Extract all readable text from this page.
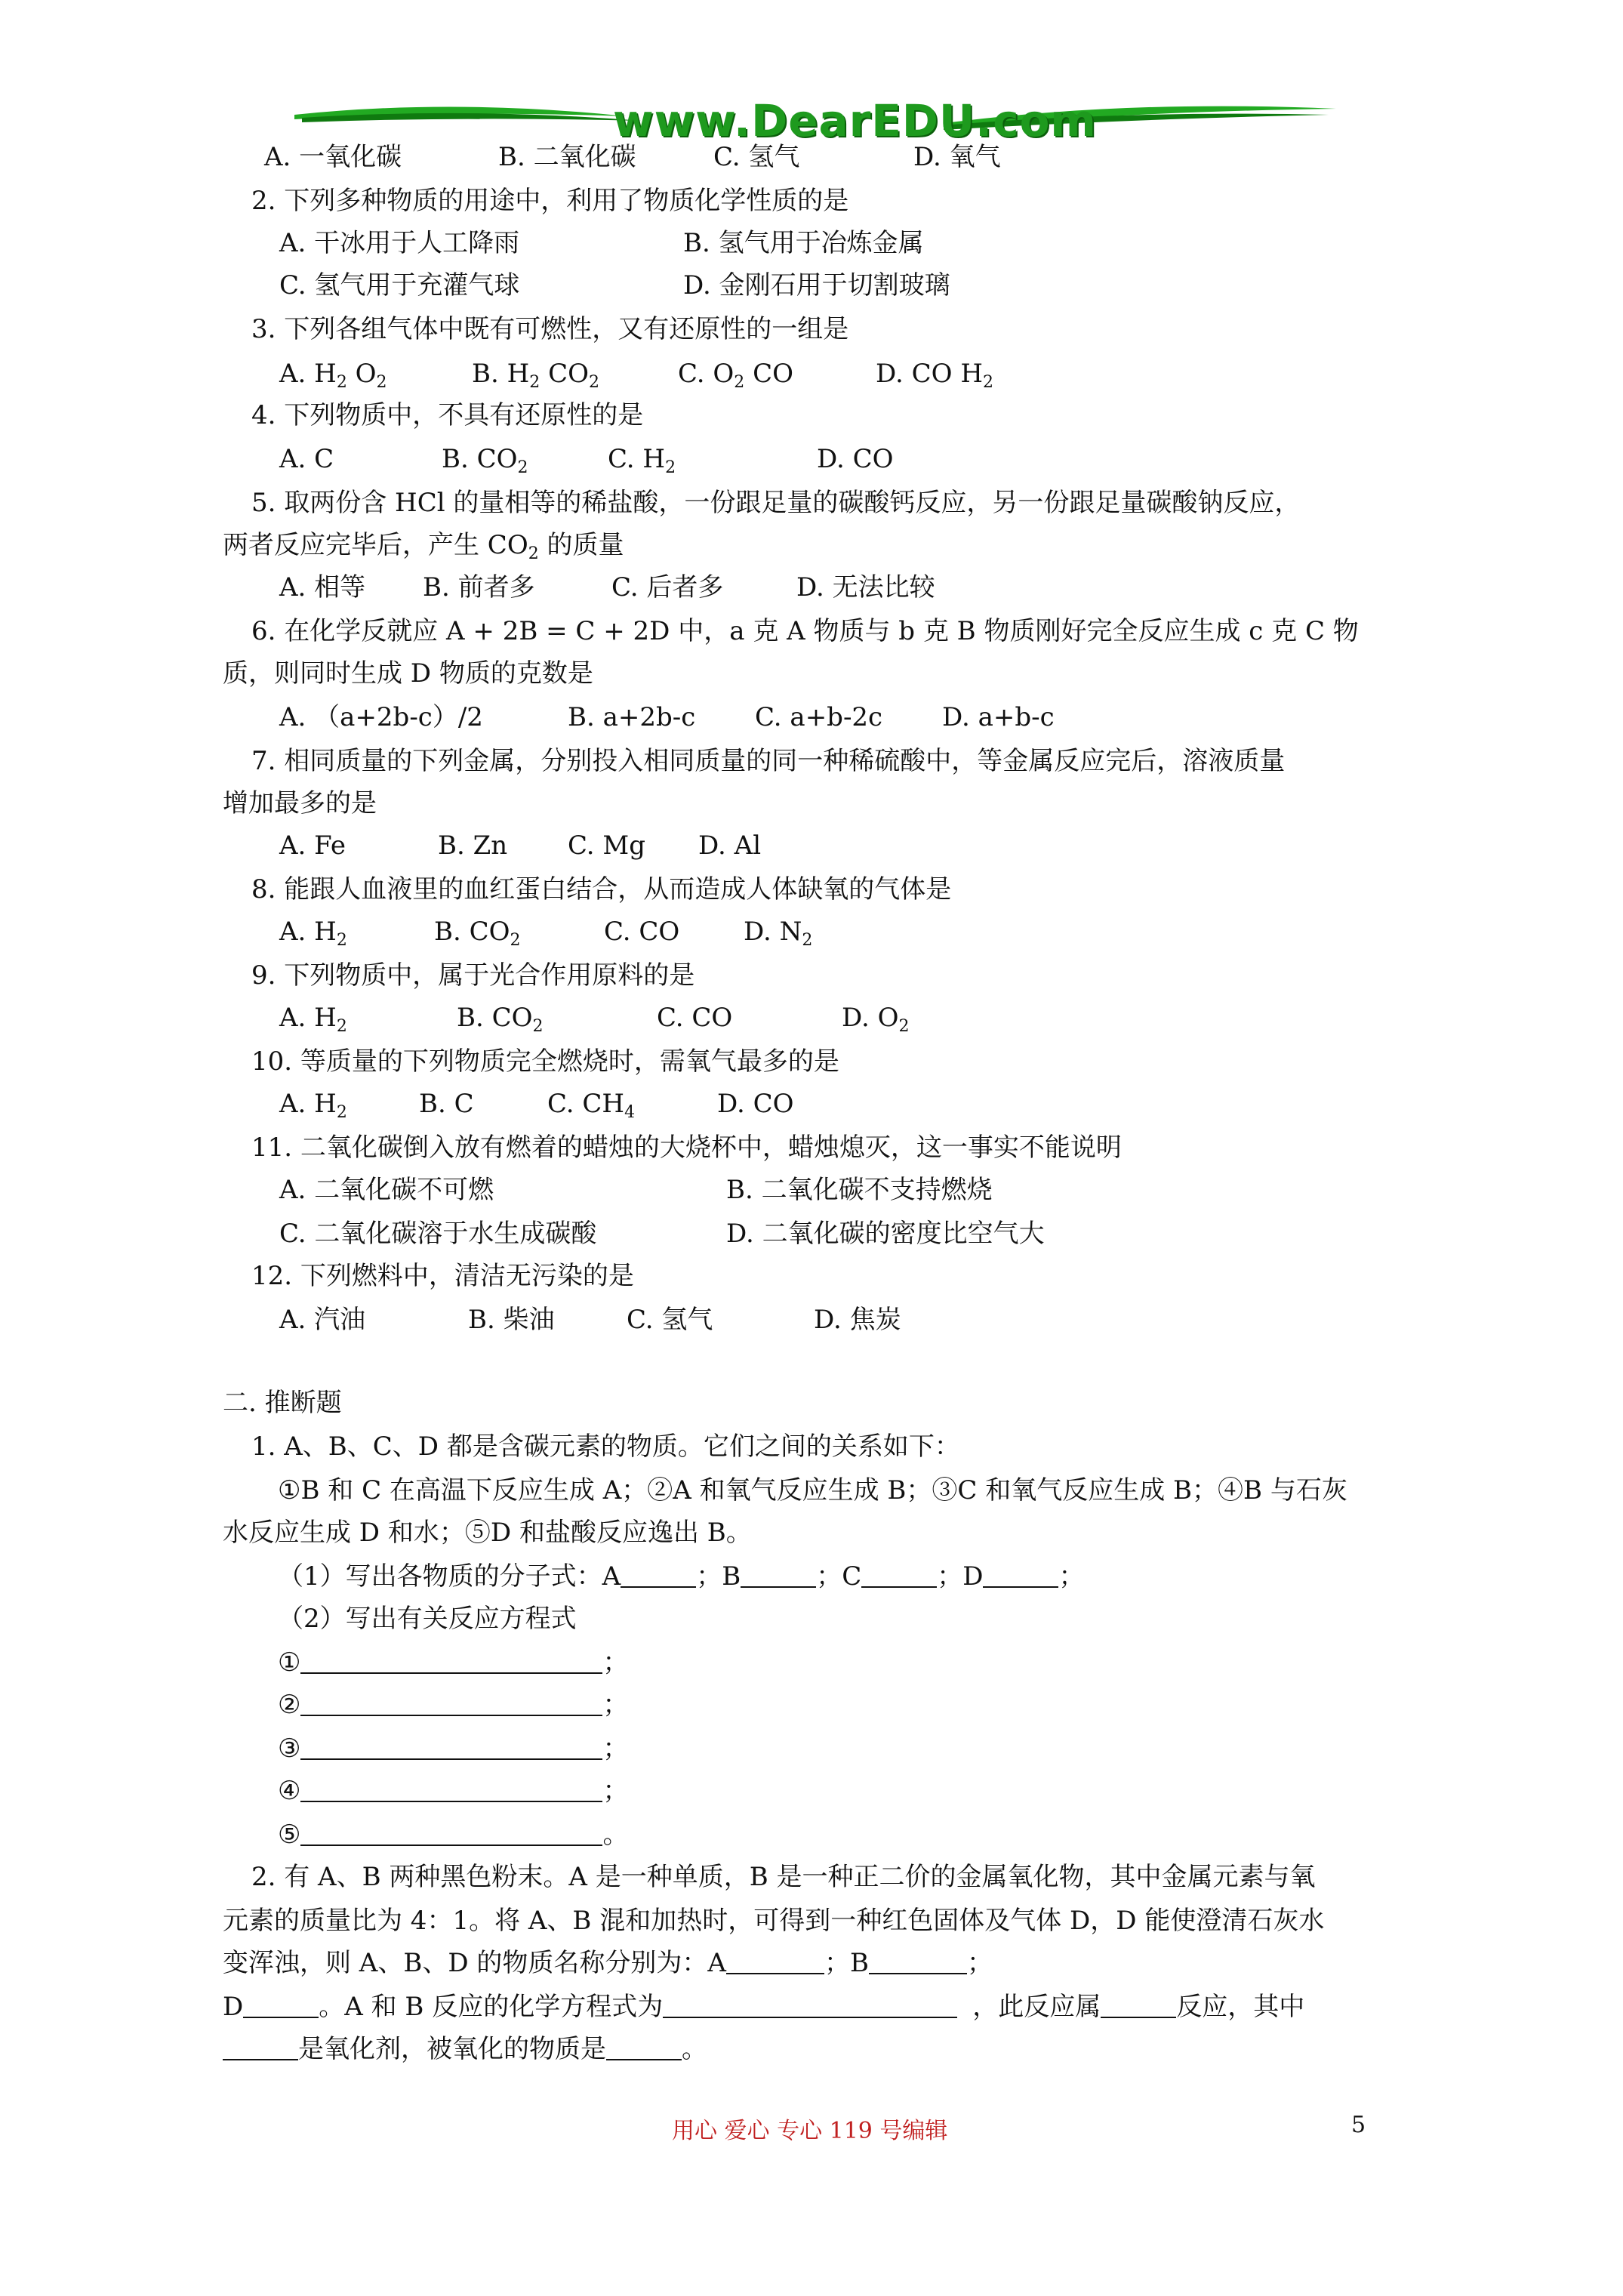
www.DearEDU.com
A. 一氧化碳	B. 二氧化碳	C. 氢气	D. 氧气
2. 下列多种物质的用途中，利用了物质化学性质的是
A. 干冰用于人工降雨	B. 氢气用于冶炼金属
C. 氢气用于充灌气球	D. 金刚石用于切割玻璃
3. 下列各组气体中既有可燃性，又有还原性的一组是
A. $H_2$ $O_2$	B. $H_2$ $CO_2$	C. $O_2$ CO	D. CO $H_2$
4. 下列物质中，不具有还原性的是
A. C	B. $CO_2$	C. $H_2$	D. CO
5. 取两份含 HCl 的量相等的稀盐酸，一份跟足量的碳酸钙反应，另一份跟足量碳酸钠反应，
两者反应完毕后，产生 $CO_2$ 的质量
A. 相等 B. 前者多	C. 后者多	D. 无法比较
6. 在化学反就应 A + 2B = C + 2D 中，a 克 A 物质与 b 克 B 物质刚好完全反应生成 c 克 C 物
质，则同时生成 D 物质的克数是
A. （a+2b-c）/2	B. a+2b-c C. a+b-2c D. a+b-c
7. 相同质量的下列金属，分别投入相同质量的同一种稀硫酸中，等金属反应完后，溶液质量
增加最多的是
A. Fe	B. Zn C. Mg D. Al
8. 能跟人血液里的血红蛋白结合，从而造成人体缺氧的气体是
A. $H_2$	B. $CO_2$	C. CO D. $N_2$
9. 下列物质中，属于光合作用原料的是
A. $H_2$	B. $CO_2$	C. CO	D. $O_2$
10. 等质量的下列物质完全燃烧时，需氧气最多的是
A. $H_2$	B. C	C. $CH_4$	D. CO
11. 二氧化碳倒入放有燃着的蜡烛的大烧杯中，蜡烛熄灭，这一事实不能说明
A. 二氧化碳不可燃	B. 二氧化碳不支持燃烧
C. 二氧化碳溶于水生成碳酸	D. 二氧化碳的密度比空气大
12. 下列燃料中，清洁无污染的是
A. 汽油	B. 柴油	C. 氢气	D. 焦炭
二. 推断题
1. A、B、C、D 都是含碳元素的物质。它们之间的关系如下：
①B 和 C 在高温下反应生成 A；②A 和氧气反应生成 B；③C 和氧气反应生成 B；④B 与石灰
水反应生成 D 和水；⑤D 和盐酸反应逸出 B。
（1）写出各物质的分子式：A	；B	；C	；D	；
（2）写出有关反应方程式
①	；
②	；
③	；
④	；
⑤	。
2. 有 A、B 两种黑色粉末。A 是一种单质，B 是一种正二价的金属氧化物，其中金属元素与氧
元素的质量比为 4：1。将 A、B 混和加热时，可得到一种红色固体及气体 D，D 能使澄清石灰水
变浑浊，则 A、B、D 的物质名称分别为：A	；B	；
D	。A 和 B 反应的化学方程式为	，此反应属	反应，其中
是氧化剂，被氧化的物质是	。
用心 爱心 专心 119 号编辑	5
